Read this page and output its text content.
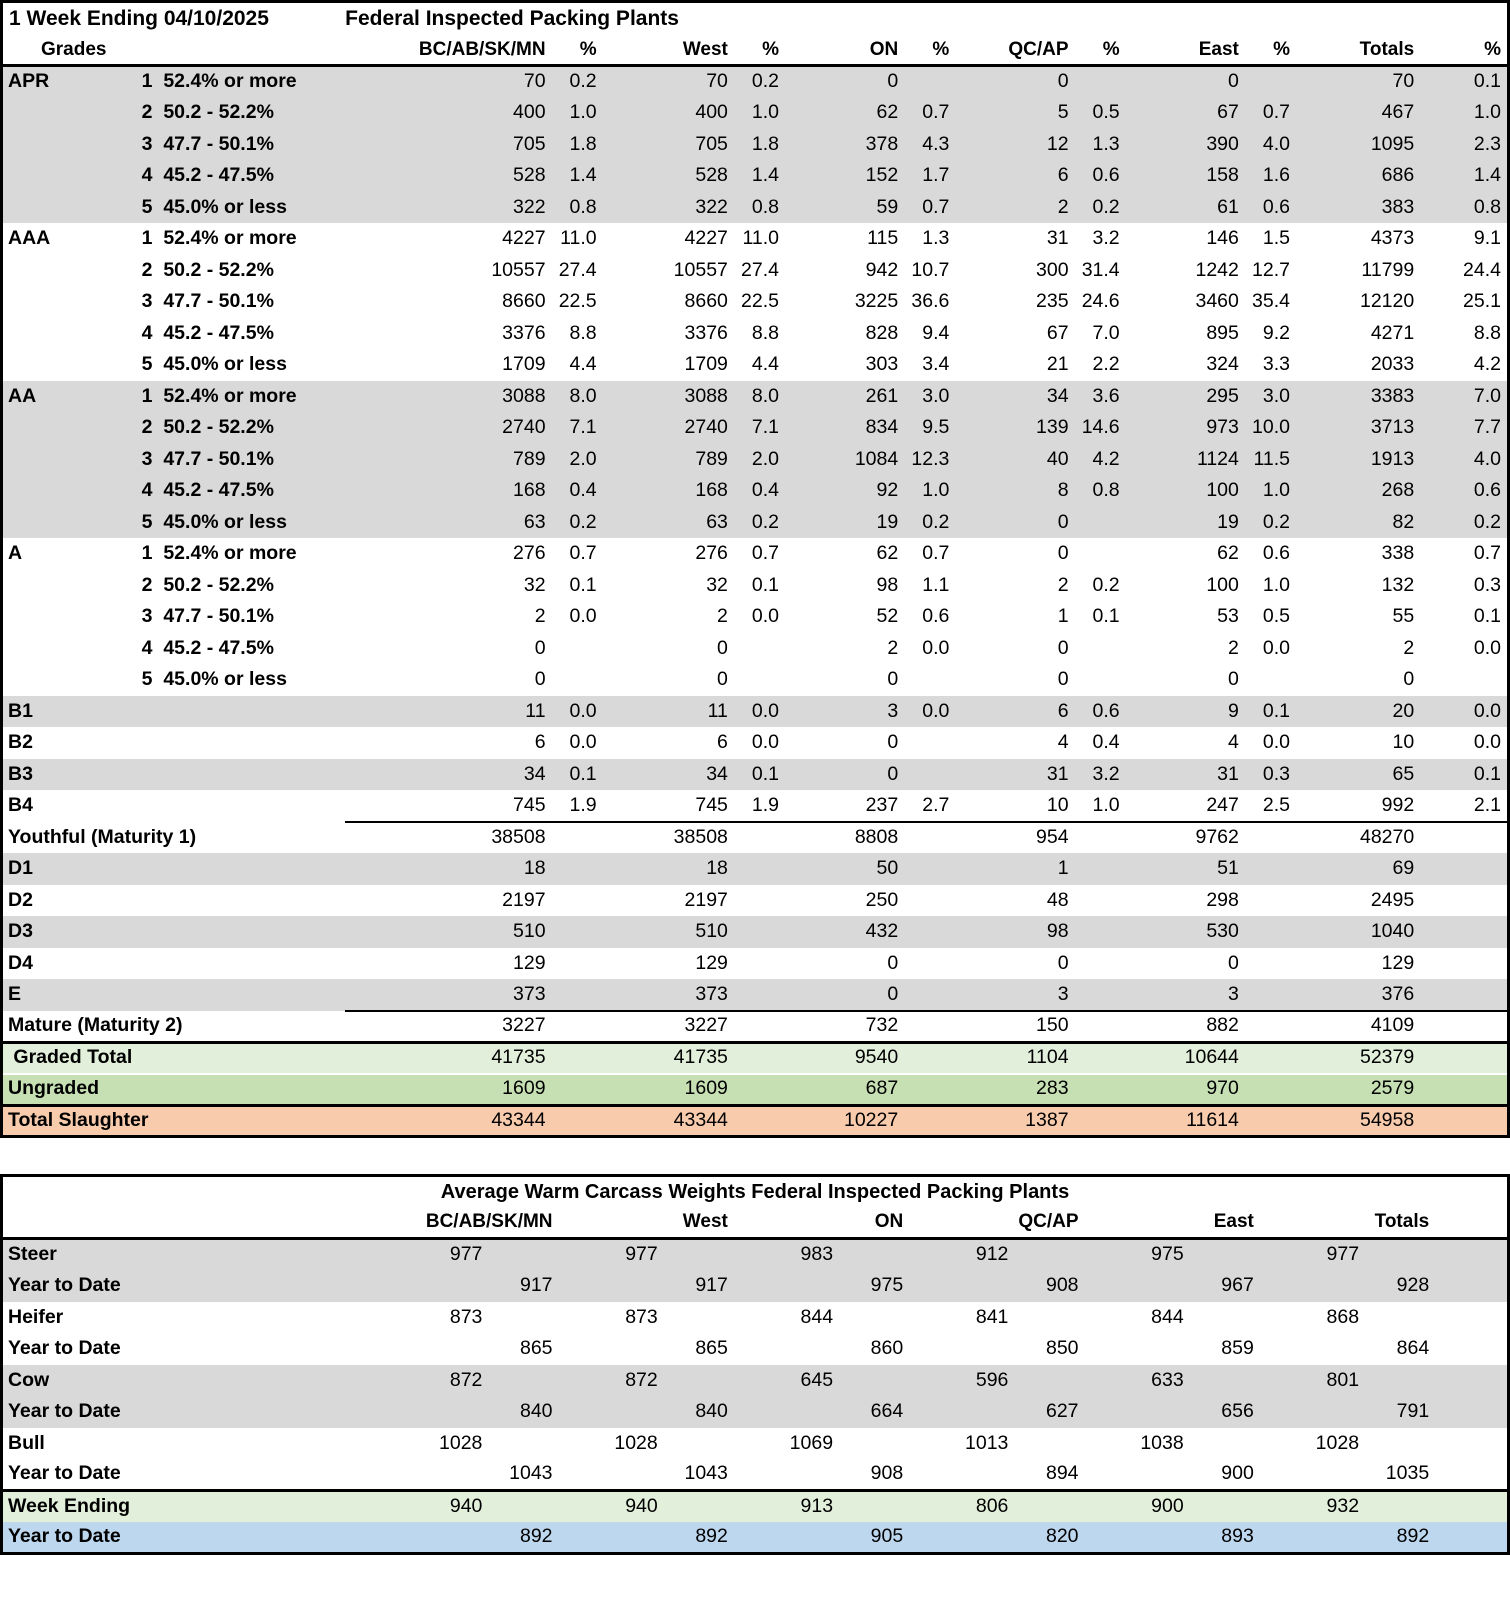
1 Week Ending 04/10/2025		Federal Inspected Packing Plants											
Grades		BC/AB/SK/MN	%	West	%	ON	%	QC/AP	%	East	%	Totals	%
APR	1  52.4% or more	70	0.2	70	0.2	0		0		0		70	0.1
	2  50.2 - 52.2%	400	1.0	400	1.0	62	0.7	5	0.5	67	0.7	467	1.0
	3  47.7 - 50.1%	705	1.8	705	1.8	378	4.3	12	1.3	390	4.0	1095	2.3
	4  45.2 - 47.5%	528	1.4	528	1.4	152	1.7	6	0.6	158	1.6	686	1.4
	5  45.0% or less	322	0.8	322	0.8	59	0.7	2	0.2	61	0.6	383	0.8
AAA	1  52.4% or more	4227	11.0	4227	11.0	115	1.3	31	3.2	146	1.5	4373	9.1
	2  50.2 - 52.2%	10557	27.4	10557	27.4	942	10.7	300	31.4	1242	12.7	11799	24.4
	3  47.7 - 50.1%	8660	22.5	8660	22.5	3225	36.6	235	24.6	3460	35.4	12120	25.1
	4  45.2 - 47.5%	3376	8.8	3376	8.8	828	9.4	67	7.0	895	9.2	4271	8.8
	5  45.0% or less	1709	4.4	1709	4.4	303	3.4	21	2.2	324	3.3	2033	4.2
AA	1  52.4% or more	3088	8.0	3088	8.0	261	3.0	34	3.6	295	3.0	3383	7.0
	2  50.2 - 52.2%	2740	7.1	2740	7.1	834	9.5	139	14.6	973	10.0	3713	7.7
	3  47.7 - 50.1%	789	2.0	789	2.0	1084	12.3	40	4.2	1124	11.5	1913	4.0
	4  45.2 - 47.5%	168	0.4	168	0.4	92	1.0	8	0.8	100	1.0	268	0.6
	5  45.0% or less	63	0.2	63	0.2	19	0.2	0		19	0.2	82	0.2
A	1  52.4% or more	276	0.7	276	0.7	62	0.7	0		62	0.6	338	0.7
	2  50.2 - 52.2%	32	0.1	32	0.1	98	1.1	2	0.2	100	1.0	132	0.3
	3  47.7 - 50.1%	2	0.0	2	0.0	52	0.6	1	0.1	53	0.5	55	0.1
	4  45.2 - 47.5%	0		0		2	0.0	0		2	0.0	2	0.0
	5  45.0% or less	0		0		0		0		0		0	
B1		11	0.0	11	0.0	3	0.0	6	0.6	9	0.1	20	0.0
B2		6	0.0	6	0.0	0		4	0.4	4	0.0	10	0.0
B3		34	0.1	34	0.1	0		31	3.2	31	0.3	65	0.1
B4		745	1.9	745	1.9	237	2.7	10	1.0	247	2.5	992	2.1
Youthful (Maturity 1)		38508		38508		8808		954		9762		48270	
D1		18		18		50		1		51		69	
D2		2197		2197		250		48		298		2495	
D3		510		510		432		98		530		1040	
D4		129		129		0		0		0		129	
E		373		373		0		3		3		376	
Mature (Maturity 2)		3227		3227		732		150		882		4109	
Graded Total		41735		41735		9540		1104		10644		52379	
Ungraded		1609		1609		687		283		970		2579	
Total Slaughter		43344		43344		10227		1387		11614		54958	
Average Warm Carcass Weights Federal Inspected Packing Plants													
	BC/AB/SK/MN		West		ON		QC/AP		East		Totals		
Steer	977		977		983		912		975		977		
Year to Date		917		917		975		908		967		928	
Heifer	873		873		844		841		844		868		
Year to Date		865		865		860		850		859		864	
Cow	872		872		645		596		633		801		
Year to Date		840		840		664		627		656		791	
Bull	1028		1028		1069		1013		1038		1028		
Year to Date		1043		1043		908		894		900		1035	
Week Ending	940		940		913		806		900		932		
Year to Date		892		892		905		820		893		892	
